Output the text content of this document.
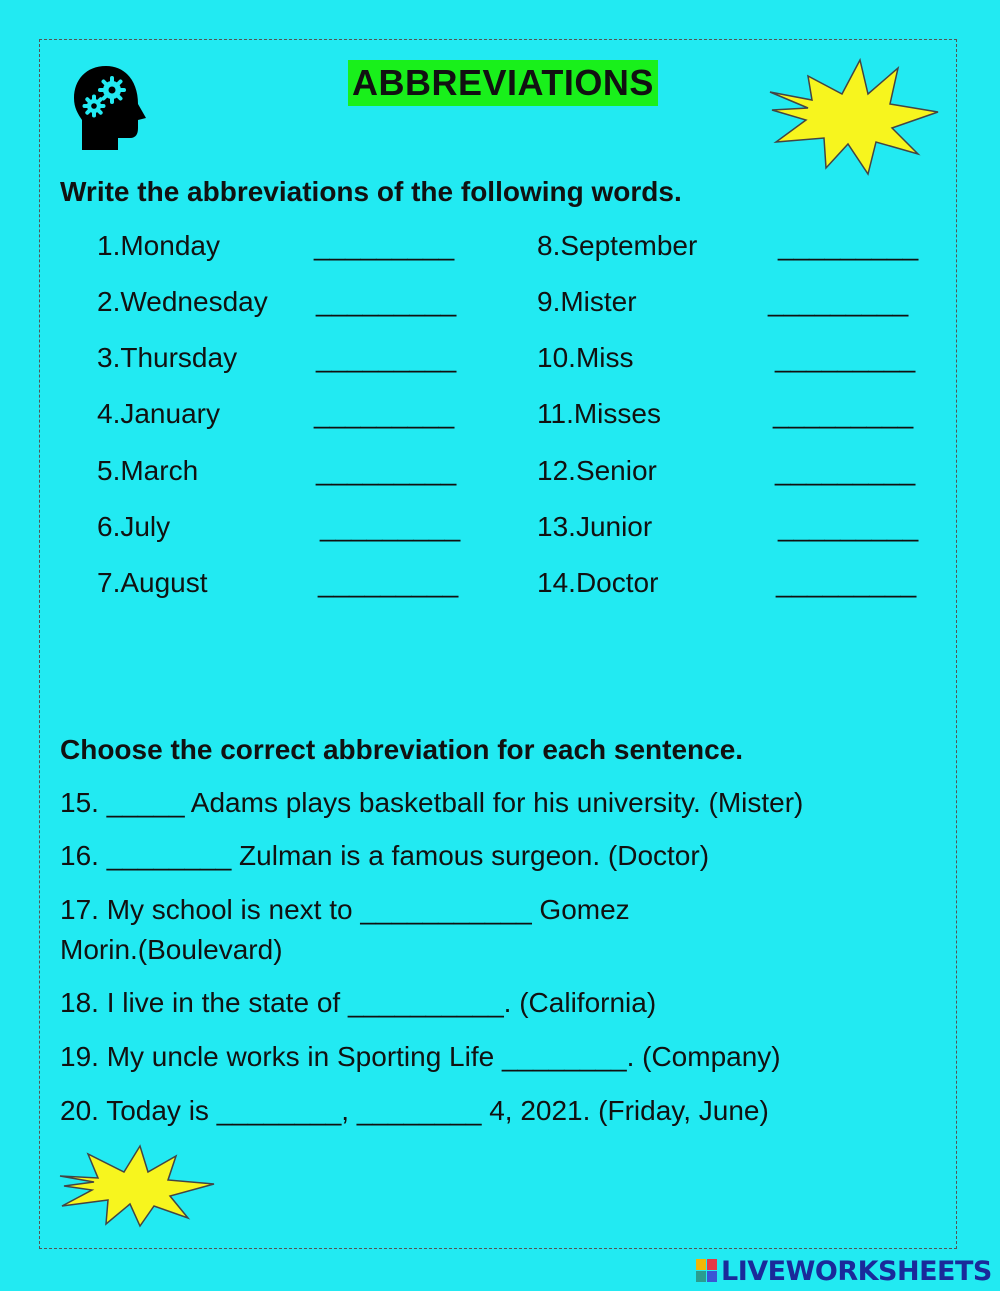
ABBREVIATIONS
Write the abbreviations of the following words.
1.Monday	_________
2.Wednesday _________
3.Thursday	_________
4.January	_________
5.March	_________
6.July	_________
7.August	_________
8.September	_________
9.Mister	_________
10.Miss	_________
11.Misses	_________
12.Senior	_________
13.Junior	_________
14.Doctor	_________
Choose the correct abbreviation for each sentence.
15. _____ Adams plays basketball for his university. (Mister)
16. ________ Zulman is a famous surgeon. (Doctor)
17. My school is next to ___________ Gomez
Morin.(Boulevard)
18. I live in the state of __________. (California)
19. My uncle works in Sporting Life ________. (Company)
20. Today is ________, ________ 4, 2021. (Friday, June)
LIVEWORKSHEETS
